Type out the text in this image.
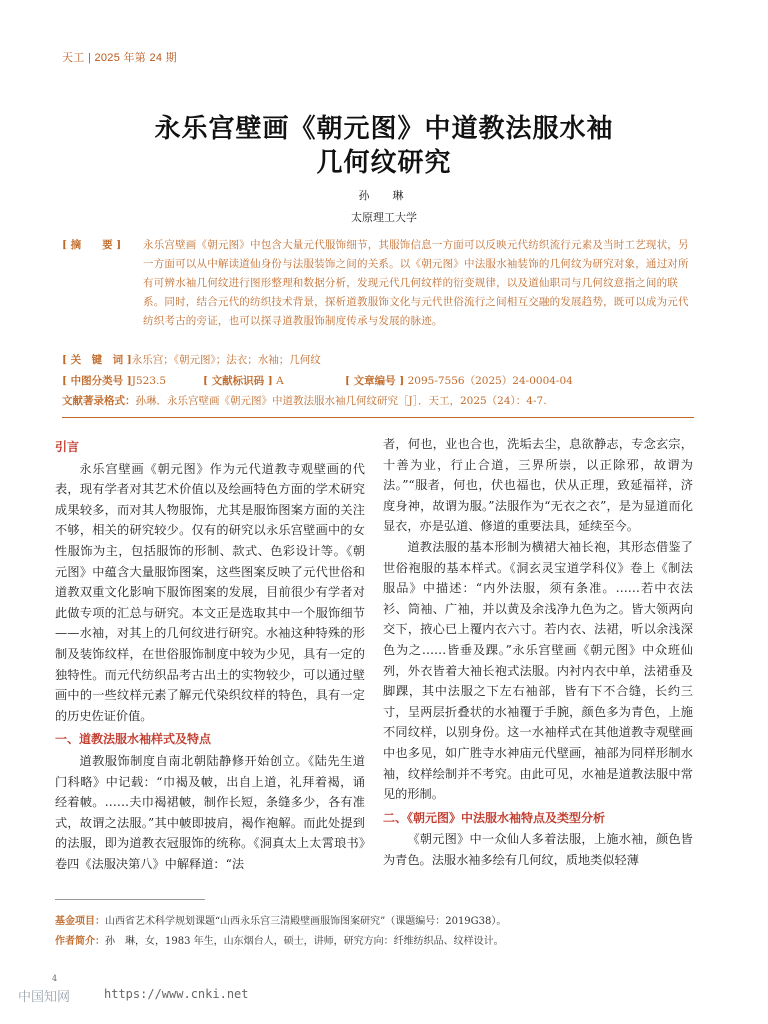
天工 | 2025 年第 24 期
永乐宫壁画《朝元图》中道教法服水袖
几何纹研究
孙　琳
太原理工大学
[ 摘　　要 ]	永乐宫壁画《朝元图》中包含大量元代服饰细节，其服饰信息一方面可以反映元代纺织流行元素及当时工艺现状，另一方面可以从中解读道仙身份与法服装饰之间的关系。以《朝元图》中法服水袖装饰的几何纹为研究对象，通过对所有可辨水袖几何纹进行图形整理和数据分析，发现元代几何纹样的衍变规律，以及道仙职司与几何纹意指之间的联系。同时，结合元代的纺织技术背景，探析道教服饰文化与元代世俗流行之间相互交融的发展趋势，既可以成为元代纺织考古的旁证，也可以探寻道教服饰制度传承与发展的脉迹。
[ 关　键　词 ]永乐宫；《朝元图》；法衣；水袖；几何纹
[ 中图分类号 ]J523.5	[ 文献标识码 ] A	[ 文章编号 ] 2095-7556（2025）24-0004-04
文献著录格式：孙琳．永乐宫壁画《朝元图》中道教法服水袖几何纹研究［J］．天工，2025（24）：4-7.
引言

永乐宫壁画《朝元图》作为元代道教寺观壁画的代表，现有学者对其艺术价值以及绘画特色方面的学术研究成果较多，而对其人物服饰，尤其是服饰图案方面的关注不够，相关的研究较少。仅有的研究以永乐宫壁画中的女性服饰为主，包括服饰的形制、款式、色彩设计等。《朝元图》中蕴含大量服饰图案，这些图案反映了元代世俗和道教双重文化影响下服饰图案的发展，目前很少有学者对此做专项的汇总与研究。本文正是选取其中一个服饰细节——水袖，对其上的几何纹进行研究。水袖这种特殊的形制及装饰纹样，在世俗服饰制度中较为少见，具有一定的独特性。而元代纺织品考古出土的实物较少，可以通过壁画中的一些纹样元素了解元代染织纹样的特色，具有一定的历史佐证价值。

一、道教法服水袖样式及特点

道教服饰制度自南北朝陆静修开始创立。《陆先生道门科略》中记载：“巾褐及帔，出自上道，礼拜着褐，诵经着帔。……夫巾褐裙帔，制作长短，条缝多少，各有准式，故谓之法服。”其中帔即披肩，褐作袍解。而此处提到的法服，即为道教衣冠服饰的统称。《洞真太上太霄琅书》卷四《法服决第八》中解释道：“法

者，何也，业也合也，洗垢去尘，息欲静志，专念玄宗，十善为业，行止合道，三界所崇，以正除邪，故谓为法。”“服者，何也，伏也福也，伏从正理，致延福祥，济度身神，故谓为服。”法服作为“无衣之衣”，是为显道而化显衣，亦是弘道、修道的重要法具，延续至今。

道教法服的基本形制为横裙大袖长袍，其形态借鉴了世俗袍服的基本样式。《洞玄灵宝道学科仪》卷上《制法服品》中描述：“内外法服，须有条准。……若中衣法衫、筒袖、广袖，并以黄及余浅净九色为之。皆大领两向交下，掖心已上覆内衣六寸。若内衣、法裙，听以余浅深色为之……皆垂及踝。”永乐宫壁画《朝元图》中众班仙列，外衣皆着大袖长袍式法服。内衬内衣中单，法裙垂及脚踝，其中法服之下左右袖部，皆有下不合缝，长约三寸，呈两层折叠状的水袖覆于手腕，颜色多为青色，上施不同纹样，以别身份。这一水袖样式在其他道教寺观壁画中也多见，如广胜寺水神庙元代壁画，袖部为同样形制水袖，纹样绘制并不考究。由此可见，水袖是道教法服中常见的形制。

二、《朝元图》中法服水袖特点及类型分析

《朝元图》中一众仙人多着法服，上施水袖，颜色皆为青色。法服水袖多绘有几何纹，质地类似轻薄

基金项目：山西省艺术科学规划课题“山西永乐宫三清殿壁画服饰图案研究”（课题编号：2019G38）。
作者简介：孙　琳，女，1983 年生，山东烟台人，硕士，讲师，研究方向：纤维纺织品、纹样设计。
4
中国知网	https://www.cnki.net
